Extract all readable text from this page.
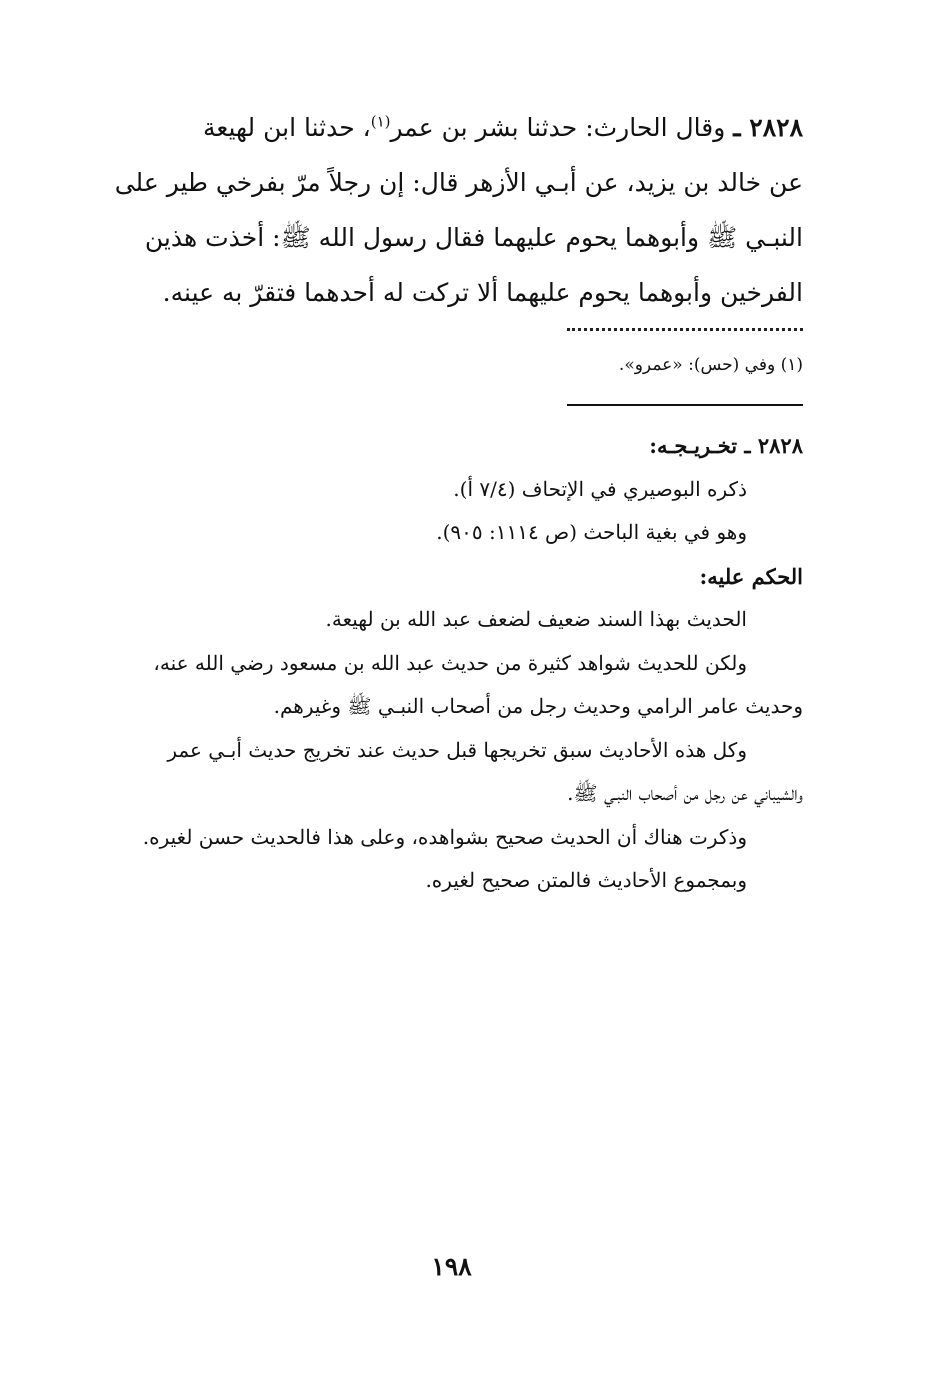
٢٨٢٨ ـ وقال الحارث: حدثنا بشر بن عمر$^{(١)}$، حدثنا ابن لهيعة

عن خالد بن يزيد، عن أبـي الأزهر قال: إن رجلاً مرّ بفرخي طير على

النبـي ﷺ وأبوهما يحوم عليهما فقال رسول الله ﷺ: أخذت هذين

الفرخين وأبوهما يحوم عليهما ألا تركت له أحدهما فتقرّ به عينه.

(١) وفي (حس): «عمرو».

٢٨٢٨ ـ تخـريـجـه:

ذكره البوصيري في الإتحاف (٧/٤ أ).

وهو في بغية الباحث (ص ١١١٤: ٩٠٥).

الحكم عليه:

الحديث بهذا السند ضعيف لضعف عبد الله بن لهيعة.

ولكن للحديث شواهد كثيرة من حديث عبد الله بن مسعود رضي الله عنه،

وحديث عامر الرامي وحديث رجل من أصحاب النبـي ﷺ وغيرهم.

وكل هذه الأحاديث سبق تخريجها قبل حديث عند تخريج حديث أبـي عمر

والشيباني عن رجل من أصحاب النبـي ﷺ.

وذكرت هناك أن الحديث صحيح بشواهده، وعلى هذا فالحديث حسن لغيره.

وبمجموع الأحاديث فالمتن صحيح لغيره.

١٩٨
